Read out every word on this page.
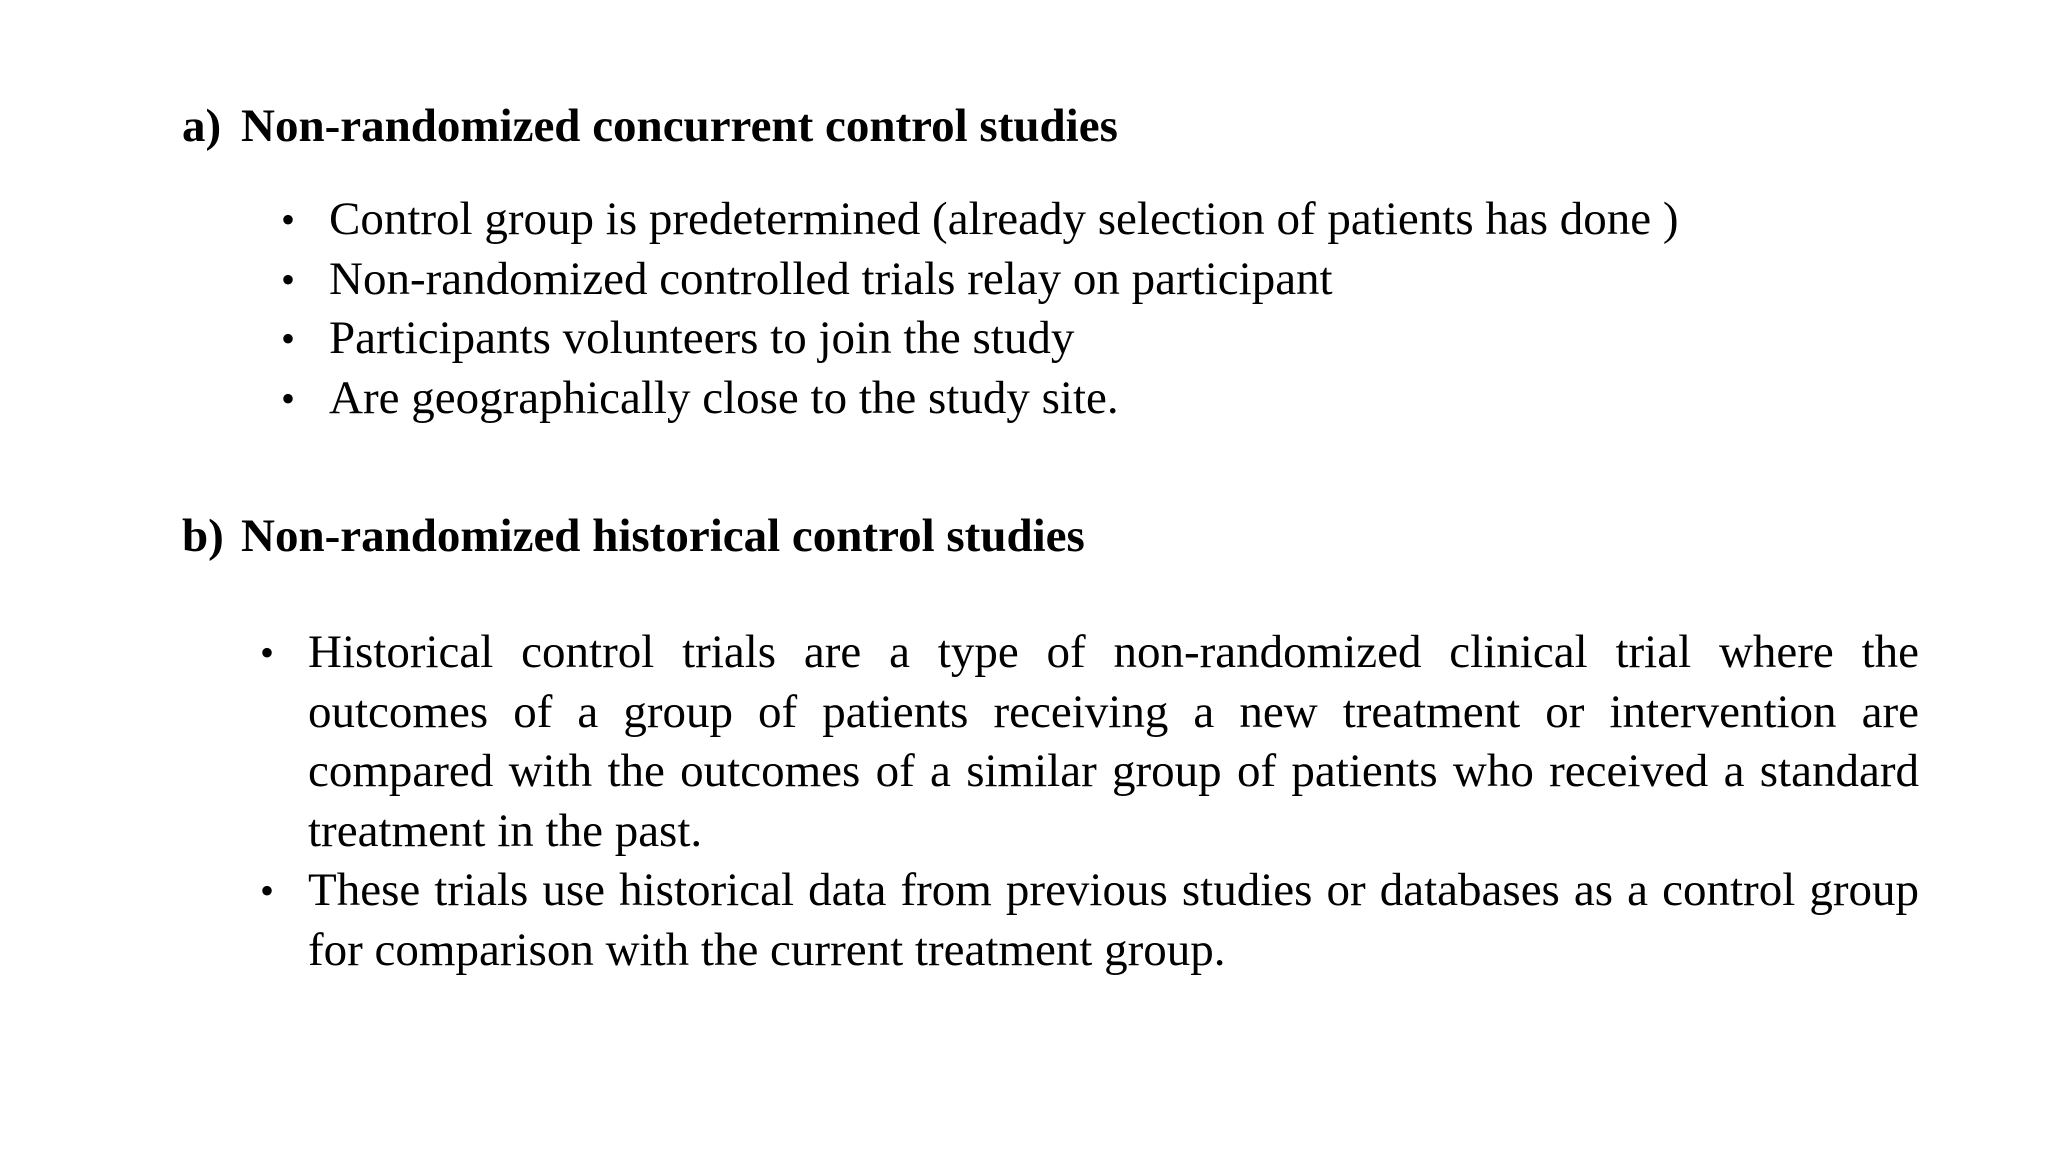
a) Non-randomized concurrent control studies
• Control group is predetermined (already selection of patients has done )
• Non-randomized controlled trials relay on participant
• Participants volunteers to join the study
• Are geographically close to the study site.
b) Non-randomized historical control studies
• Historical control trials are a type of non-randomized clinical trial where the outcomes of a group of patients receiving a new treatment or intervention are compared with the outcomes of a similar group of patients who received a standard treatment in the past.
• These trials use historical data from previous studies or databases as a control group for comparison with the current treatment group.
